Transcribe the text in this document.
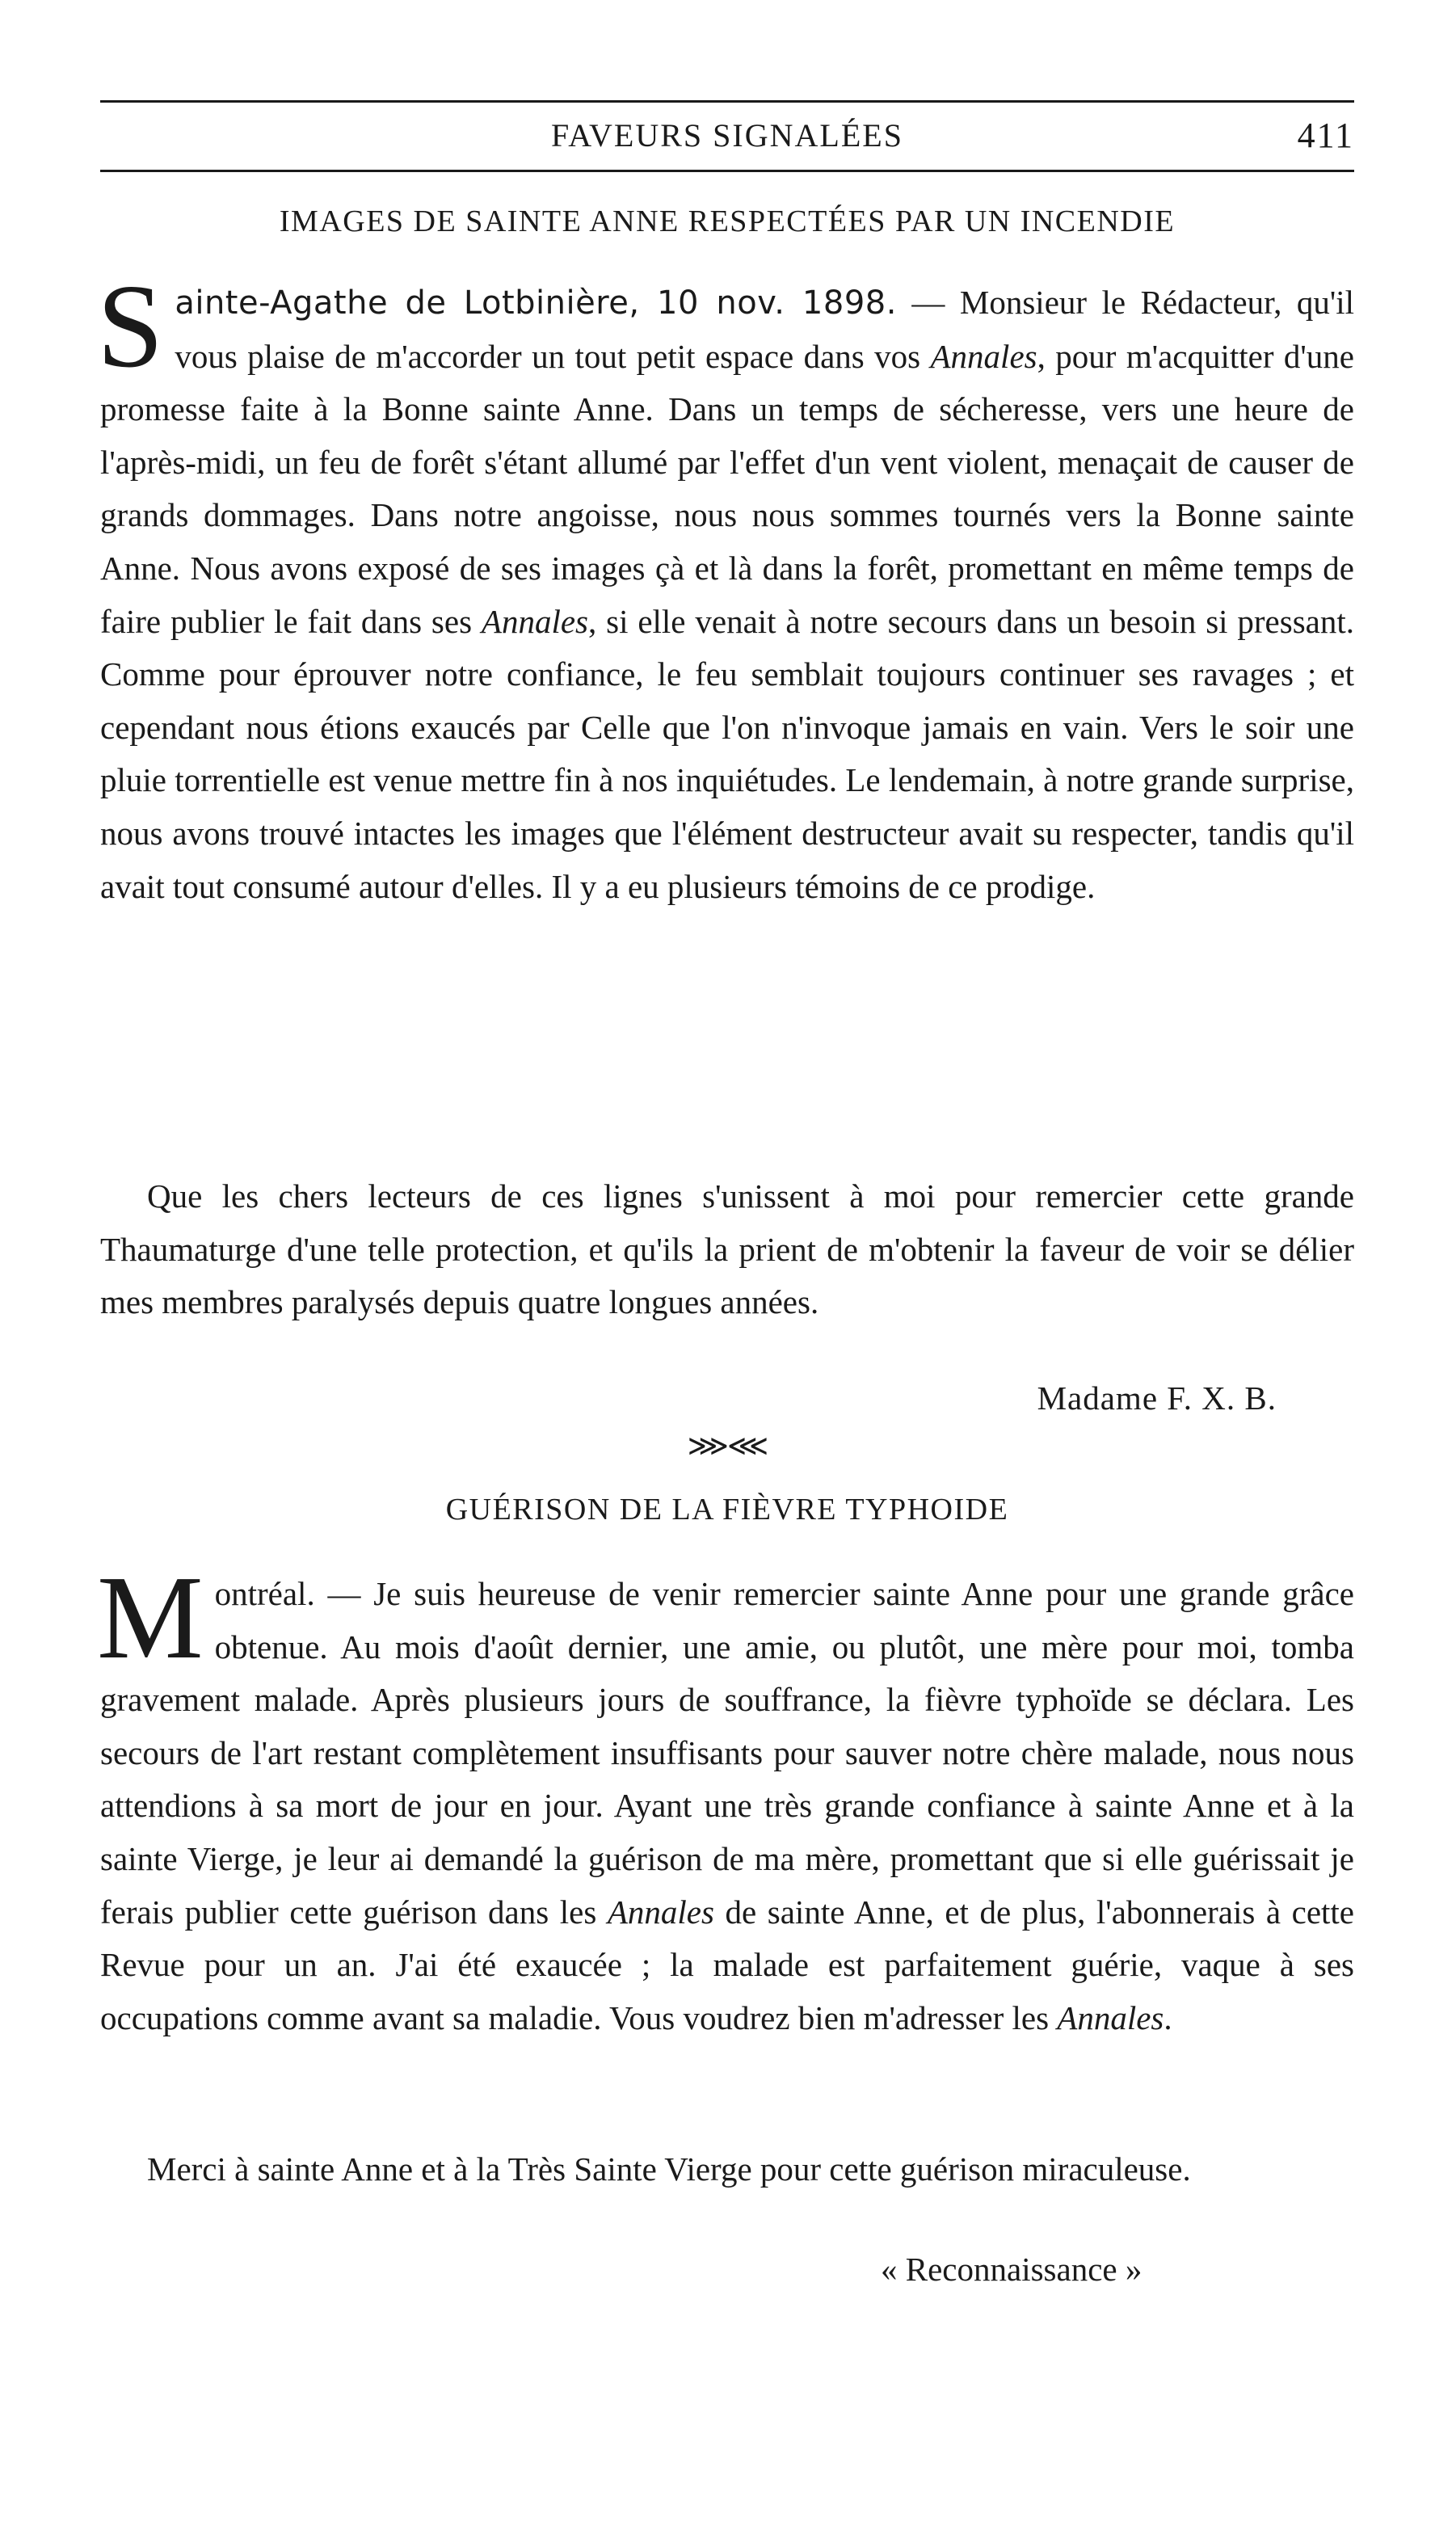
FAVEURS SIGNALÉES	411
IMAGES DE SAINTE ANNE RESPECTÉES PAR UN INCENDIE

Sainte-Agathe de Lotbinière, 10 nov. 1898. — Monsieur le Rédacteur, qu'il vous plaise de m'accorder un tout petit espace dans vos Annales, pour m'acquitter d'une promesse faite à la Bonne sainte Anne. Dans un temps de sécheresse, vers une heure de l'après-midi, un feu de forêt s'étant allumé par l'effet d'un vent violent, menaçait de causer de grands dommages. Dans notre angoisse, nous nous sommes tournés vers la Bonne sainte Anne. Nous avons exposé de ses images çà et là dans la forêt, promettant en même temps de faire publier le fait dans ses Annales, si elle venait à notre secours dans un besoin si pressant. Comme pour éprouver notre confiance, le feu semblait toujours continuer ses ravages ; et cependant nous étions exaucés par Celle que l'on n'invoque jamais en vain. Vers le soir une pluie torrentielle est venue mettre fin à nos inquiétudes. Le lendemain, à notre grande surprise, nous avons trouvé intactes les images que l'élément destructeur avait su respecter, tandis qu'il avait tout consumé autour d'elles. Il y a eu plusieurs témoins de ce prodige.

Que les chers lecteurs de ces lignes s'unissent à moi pour remercier cette grande Thaumaturge d'une telle protection, et qu'ils la prient de m'obtenir la faveur de voir se délier mes membres paralysés depuis quatre longues années.

Madame F. X. B.
⋙⋘
GUÉRISON DE LA FIÈVRE TYPHOIDE

Montréal. — Je suis heureuse de venir remercier sainte Anne pour une grande grâce obtenue. Au mois d'août dernier, une amie, ou plutôt, une mère pour moi, tomba gravement malade. Après plusieurs jours de souffrance, la fièvre typhoïde se déclara. Les secours de l'art restant complètement insuffisants pour sauver notre chère malade, nous nous attendions à sa mort de jour en jour. Ayant une très grande confiance à sainte Anne et à la sainte Vierge, je leur ai demandé la guérison de ma mère, promettant que si elle guérissait je ferais publier cette guérison dans les Annales de sainte Anne, et de plus, l'abonnerais à cette Revue pour un an. J'ai été exaucée ; la malade est parfaitement guérie, vaque à ses occupations comme avant sa maladie. Vous voudrez bien m'adresser les Annales.

Merci à sainte Anne et à la Très Sainte Vierge pour cette guérison miraculeuse.

« Reconnaissance »
